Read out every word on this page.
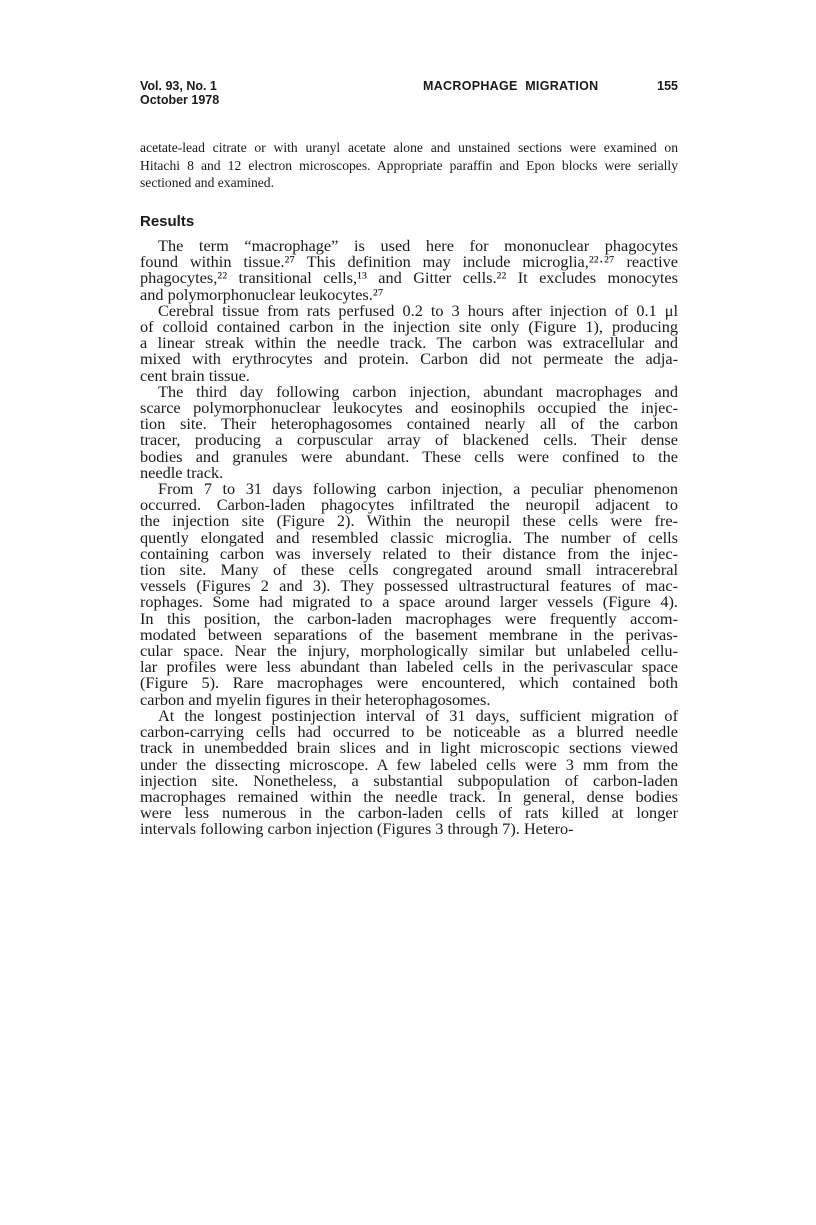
Vol. 93, No. 1
October 1978
MACROPHAGE  MIGRATION	155
acetate-lead citrate or with uranyl acetate alone and unstained sections were examined on
Hitachi 8 and 12 electron microscopes. Appropriate paraffin and Epon blocks were serially
sectioned and examined.
Results
The term “macrophage” is used here for mononuclear phagocytes
found within tissue.²⁷ This definition may include microglia,²²·²⁷ reactive
phagocytes,²² transitional cells,¹³ and Gitter cells.²² It excludes monocytes
and polymorphonuclear leukocytes.²⁷
Cerebral tissue from rats perfused 0.2 to 3 hours after injection of 0.1 μl
of colloid contained carbon in the injection site only (Figure 1), producing
a linear streak within the needle track. The carbon was extracellular and
mixed with erythrocytes and protein. Carbon did not permeate the adja-
cent brain tissue.
The third day following carbon injection, abundant macrophages and
scarce polymorphonuclear leukocytes and eosinophils occupied the injec-
tion site. Their heterophagosomes contained nearly all of the carbon
tracer, producing a corpuscular array of blackened cells. Their dense
bodies and granules were abundant. These cells were confined to the
needle track.
From 7 to 31 days following carbon injection, a peculiar phenomenon
occurred. Carbon-laden phagocytes infiltrated the neuropil adjacent to
the injection site (Figure 2). Within the neuropil these cells were fre-
quently elongated and resembled classic microglia. The number of cells
containing carbon was inversely related to their distance from the injec-
tion site. Many of these cells congregated around small intracerebral
vessels (Figures 2 and 3). They possessed ultrastructural features of mac-
rophages. Some had migrated to a space around larger vessels (Figure 4).
In this position, the carbon-laden macrophages were frequently accom-
modated between separations of the basement membrane in the perivas-
cular space. Near the injury, morphologically similar but unlabeled cellu-
lar profiles were less abundant than labeled cells in the perivascular space
(Figure 5). Rare macrophages were encountered, which contained both
carbon and myelin figures in their heterophagosomes.
At the longest postinjection interval of 31 days, sufficient migration of
carbon-carrying cells had occurred to be noticeable as a blurred needle
track in unembedded brain slices and in light microscopic sections viewed
under the dissecting microscope. A few labeled cells were 3 mm from the
injection site. Nonetheless, a substantial subpopulation of carbon-laden
macrophages remained within the needle track. In general, dense bodies
were less numerous in the carbon-laden cells of rats killed at longer
intervals following carbon injection (Figures 3 through 7). Hetero-
